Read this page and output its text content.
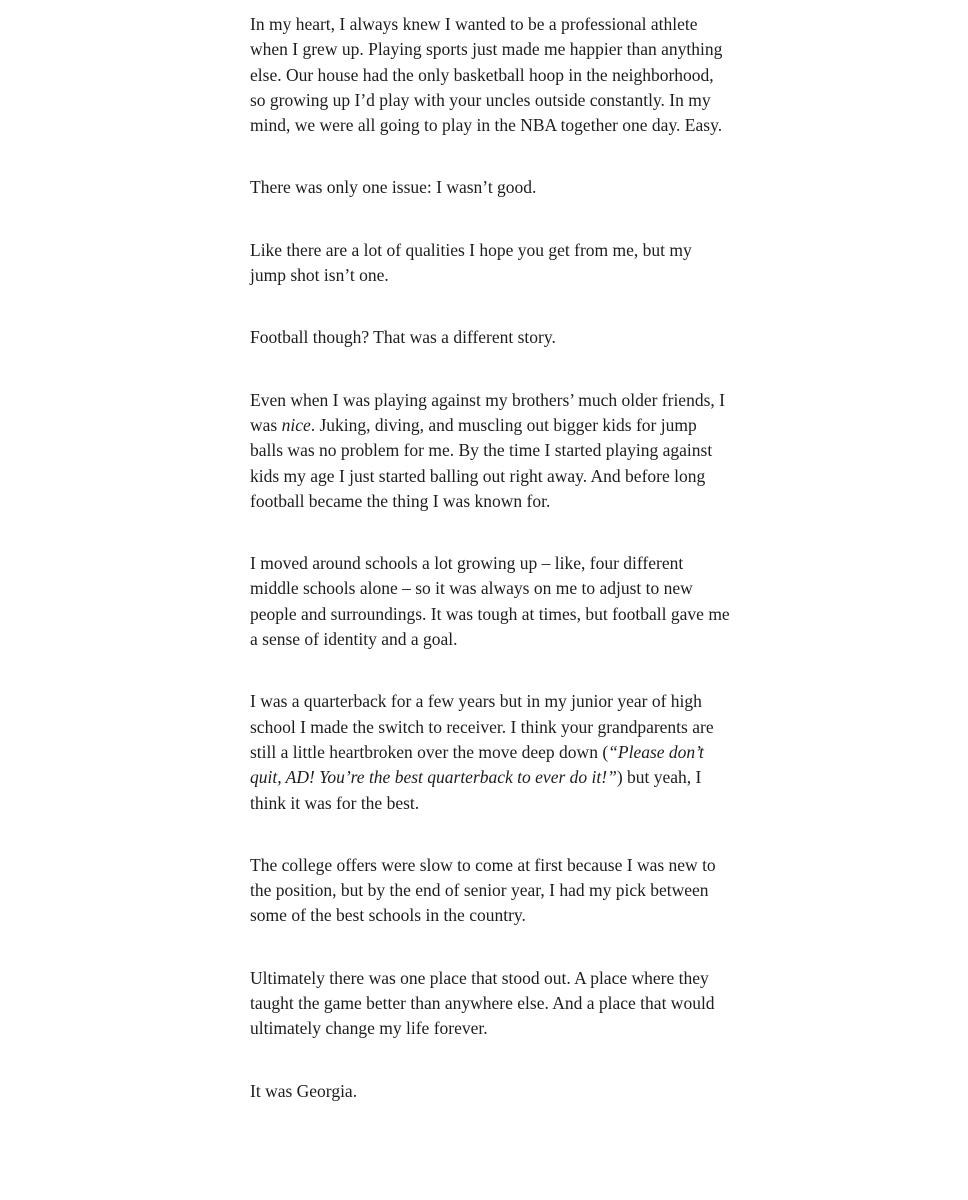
In my heart, I always knew I wanted to be a professional athlete when I grew up. Playing sports just made me happier than anything else. Our house had the only basketball hoop in the neighborhood, so growing up I’d play with your uncles outside constantly. In my mind, we were all going to play in the NBA together one day. Easy.

There was only one issue: I wasn’t good.

Like there are a lot of qualities I hope you get from me, but my jump shot isn’t one.

Football though? That was a different story.

Even when I was playing against my brothers’ much older friends, I was nice. Juking, diving, and muscling out bigger kids for jump balls was no problem for me. By the time I started playing against kids my age I just started balling out right away. And before long football became the thing I was known for.

I moved around schools a lot growing up – like, four different middle schools alone – so it was always on me to adjust to new people and surroundings. It was tough at times, but football gave me a sense of identity and a goal.

I was a quarterback for a few years but in my junior year of high school I made the switch to receiver. I think your grandparents are still a little heartbroken over the move deep down (“Please don’t quit, AD! You’re the best quarterback to ever do it!”) but yeah, I think it was for the best.

The college offers were slow to come at first because I was new to the position, but by the end of senior year, I had my pick between some of the best schools in the country.

Ultimately there was one place that stood out. A place where they taught the game better than anywhere else. And a place that would ultimately change my life forever.

It was Georgia.
